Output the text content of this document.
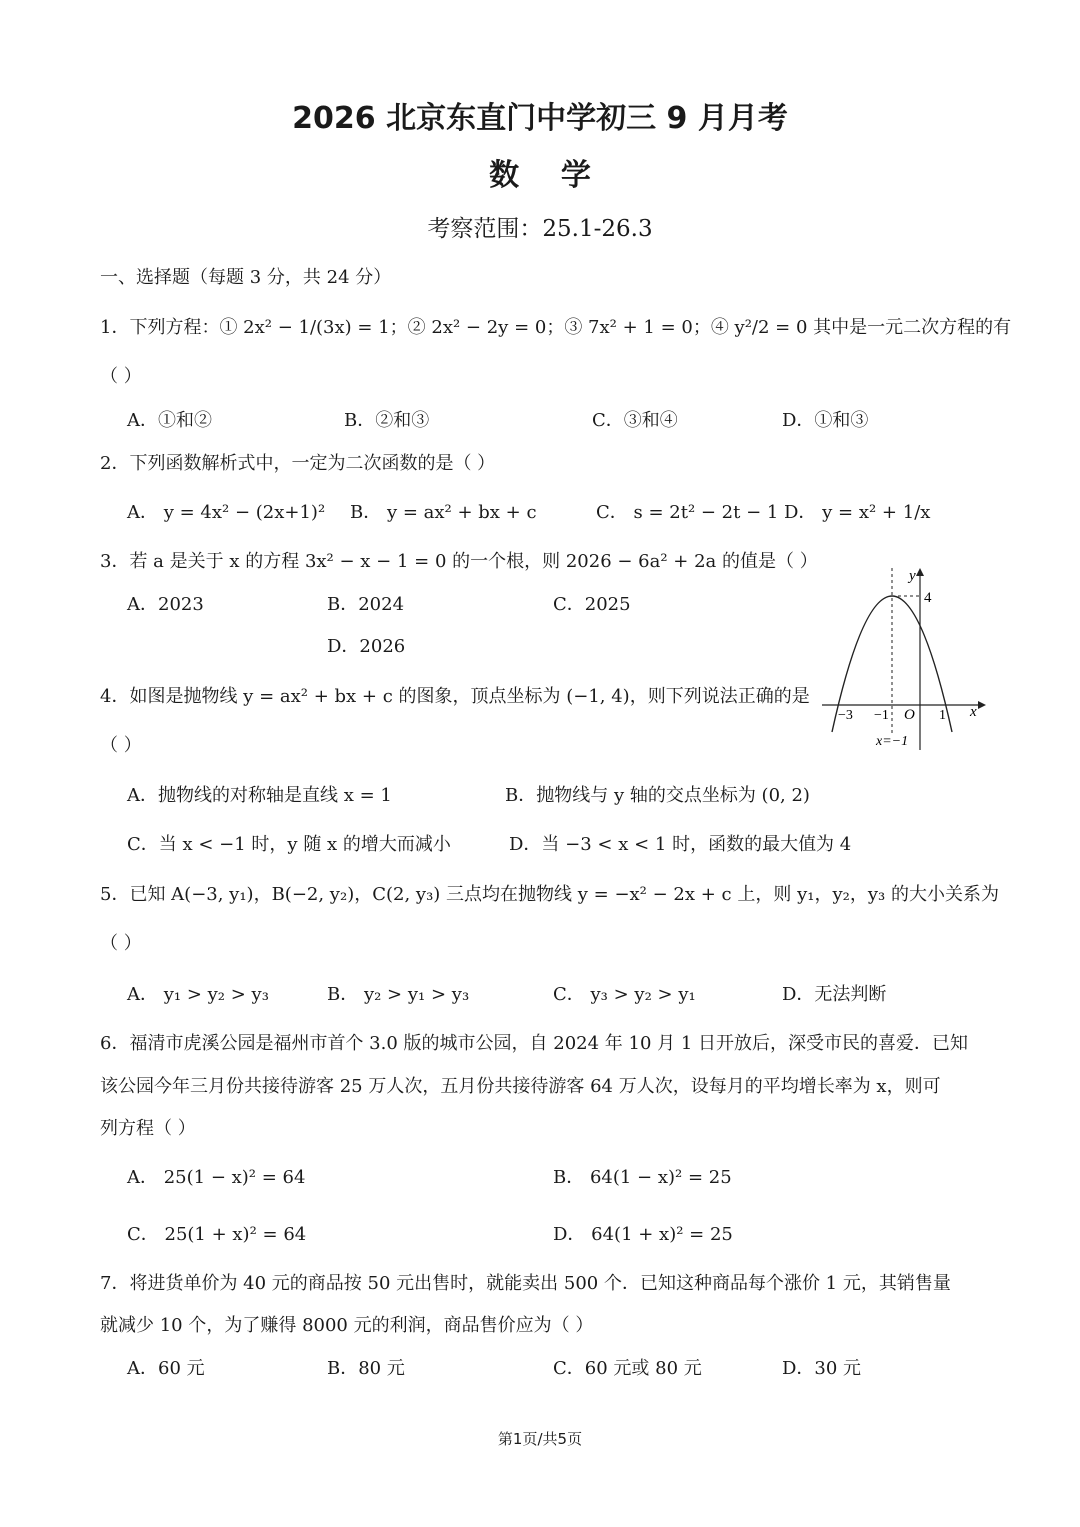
2026 北京东直门中学初三 9 月月考
数    学
考察范围：25.1-26.3
一、选择题（每题 3 分，共 24 分）
1．下列方程：① 2x² − 1/(3x) = 1；② 2x² − 2y = 0；③ 7x² + 1 = 0；④ y²/2 = 0 其中是一元二次方程的有
（ ）
A．①和②	B．②和③	C．③和④	D．①和③
2．下列函数解析式中，一定为二次函数的是（ ）
A． y = 4x² − (2x+1)² B． y = ax² + bx + c	C． s = 2t² − 2t − 1 D． y = x² + 1/x
3．若 a 是关于 x 的方程 3x² − x − 1 = 0 的一个根，则 2026 − 6a² + 2a 的值是（ ）
A．2023	B．2024	C．2025
D．2026
y
x
4
O
−3 −1	1
x=−1
4．如图是抛物线 y = ax² + bx + c 的图象，顶点坐标为 (−1, 4)，则下列说法正确的是
（ ）
A．抛物线的对称轴是直线 x = 1	B．抛物线与 y 轴的交点坐标为 (0, 2)
C．当 x < −1 时，y 随 x 的增大而减小	D．当 −3 < x < 1 时，函数的最大值为 4
5．已知 A(−3, y₁)，B(−2, y₂)，C(2, y₃) 三点均在抛物线 y = −x² − 2x + c 上，则 y₁，y₂，y₃ 的大小关系为
（ ）
A． y₁ > y₂ > y₃	B． y₂ > y₁ > y₃	C． y₃ > y₂ > y₁	D．无法判断
6．福清市虎溪公园是福州市首个 3.0 版的城市公园，自 2024 年 10 月 1 日开放后，深受市民的喜爱．已知
该公园今年三月份共接待游客 25 万人次，五月份共接待游客 64 万人次，设每月的平均增长率为 x，则可
列方程（ ）
A． 25(1 − x)² = 64	B． 64(1 − x)² = 25
C． 25(1 + x)² = 64	D． 64(1 + x)² = 25
7．将进货单价为 40 元的商品按 50 元出售时，就能卖出 500 个．已知这种商品每个涨价 1 元，其销售量
就减少 10 个，为了赚得 8000 元的利润，商品售价应为（ ）
A．60 元	B．80 元	C．60 元或 80 元	D．30 元
第1页/共5页
